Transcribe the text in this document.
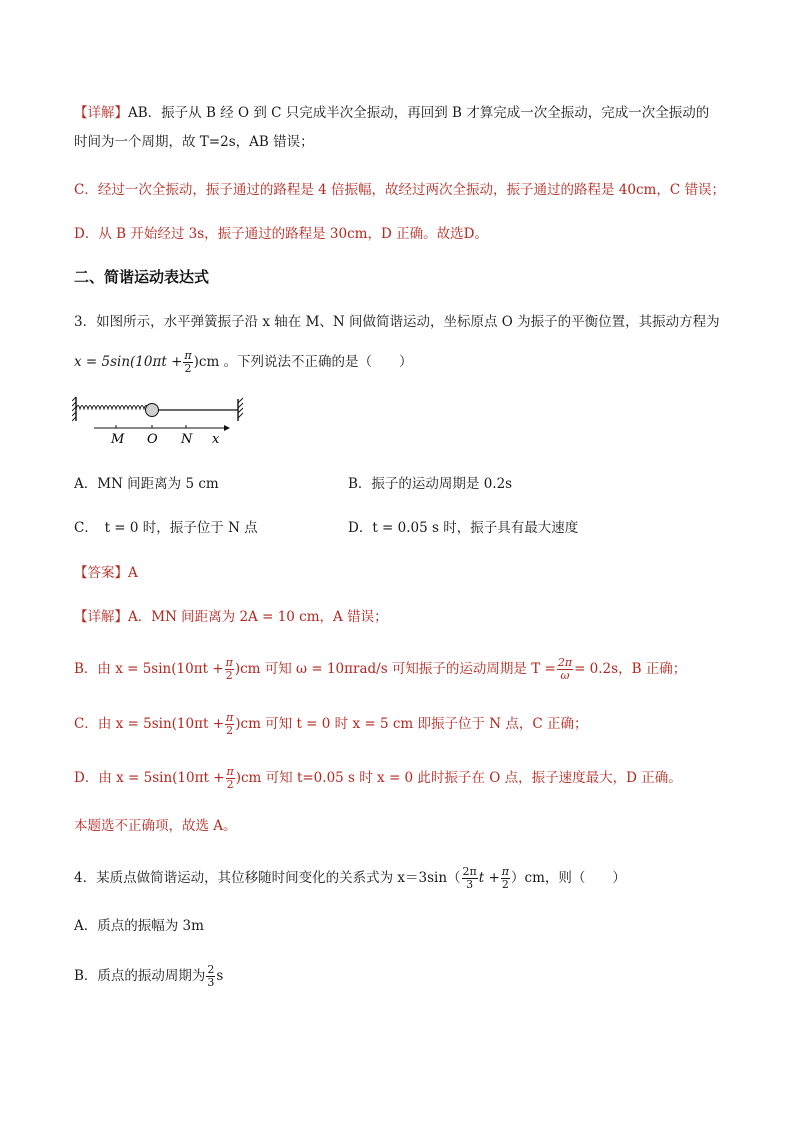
【详解】AB．振子从 B 经 O 到 C 只完成半次全振动，再回到 B 才算完成一次全振动，完成一次全振动的
时间为一个周期，故 T=2s，AB 错误；
C．经过一次全振动，振子通过的路程是 4 倍振幅，故经过两次全振动，振子通过的路程是 40cm，C 错误；
D．从 B 开始经过 3s，振子通过的路程是 30cm，D 正确。故选D。
二、简谐运动表达式
3．如图所示，水平弹簧振子沿 x 轴在 M、N 间做简谐运动，坐标原点 O 为振子的平衡位置，其振动方程为
$x = 5\sin(10\pi t + \frac{\pi}{2} )cm$ 。下列说法不正确的是（　　）
M O N x
A．MN 间距离为 5 cm	B．振子的运动周期是 0.2s
C．　t = 0 时，振子位于 N 点	D．t = 0.05 s 时，振子具有最大速度
【答案】A
【详解】A．MN 间距离为 2A = 10 cm，A 错误；
B．由 $x = 5\sin(10\pi t + \frac{\pi}{2} )cm$ 可知 ω = 10πrad/s 可知振子的运动周期是 $T = \frac{2\pi}{\omega} = 0.2s$，B 正确；
C．由 $x = 5\sin(10\pi t + \frac{\pi}{2} )cm$ 可知 t = 0 时 x = 5 cm 即振子位于 N 点，C 正确；
D．由 $x = 5\sin(10\pi t + \frac{\pi}{2} )cm$ 可知 t=0.05 s 时 x = 0 此时振子在 O 点，振子速度最大，D 正确。
本题选不正确项，故选 A。
4．某质点做简谐运动，其位移随时间变化的关系式为 $x=3\sin( \frac{2\pi}{3}$ $t + \frac{\pi}{2} )cm$，则（　　）
A．质点的振幅为 3m
B．质点的振动周期为 $\frac{2}{3}$ s
